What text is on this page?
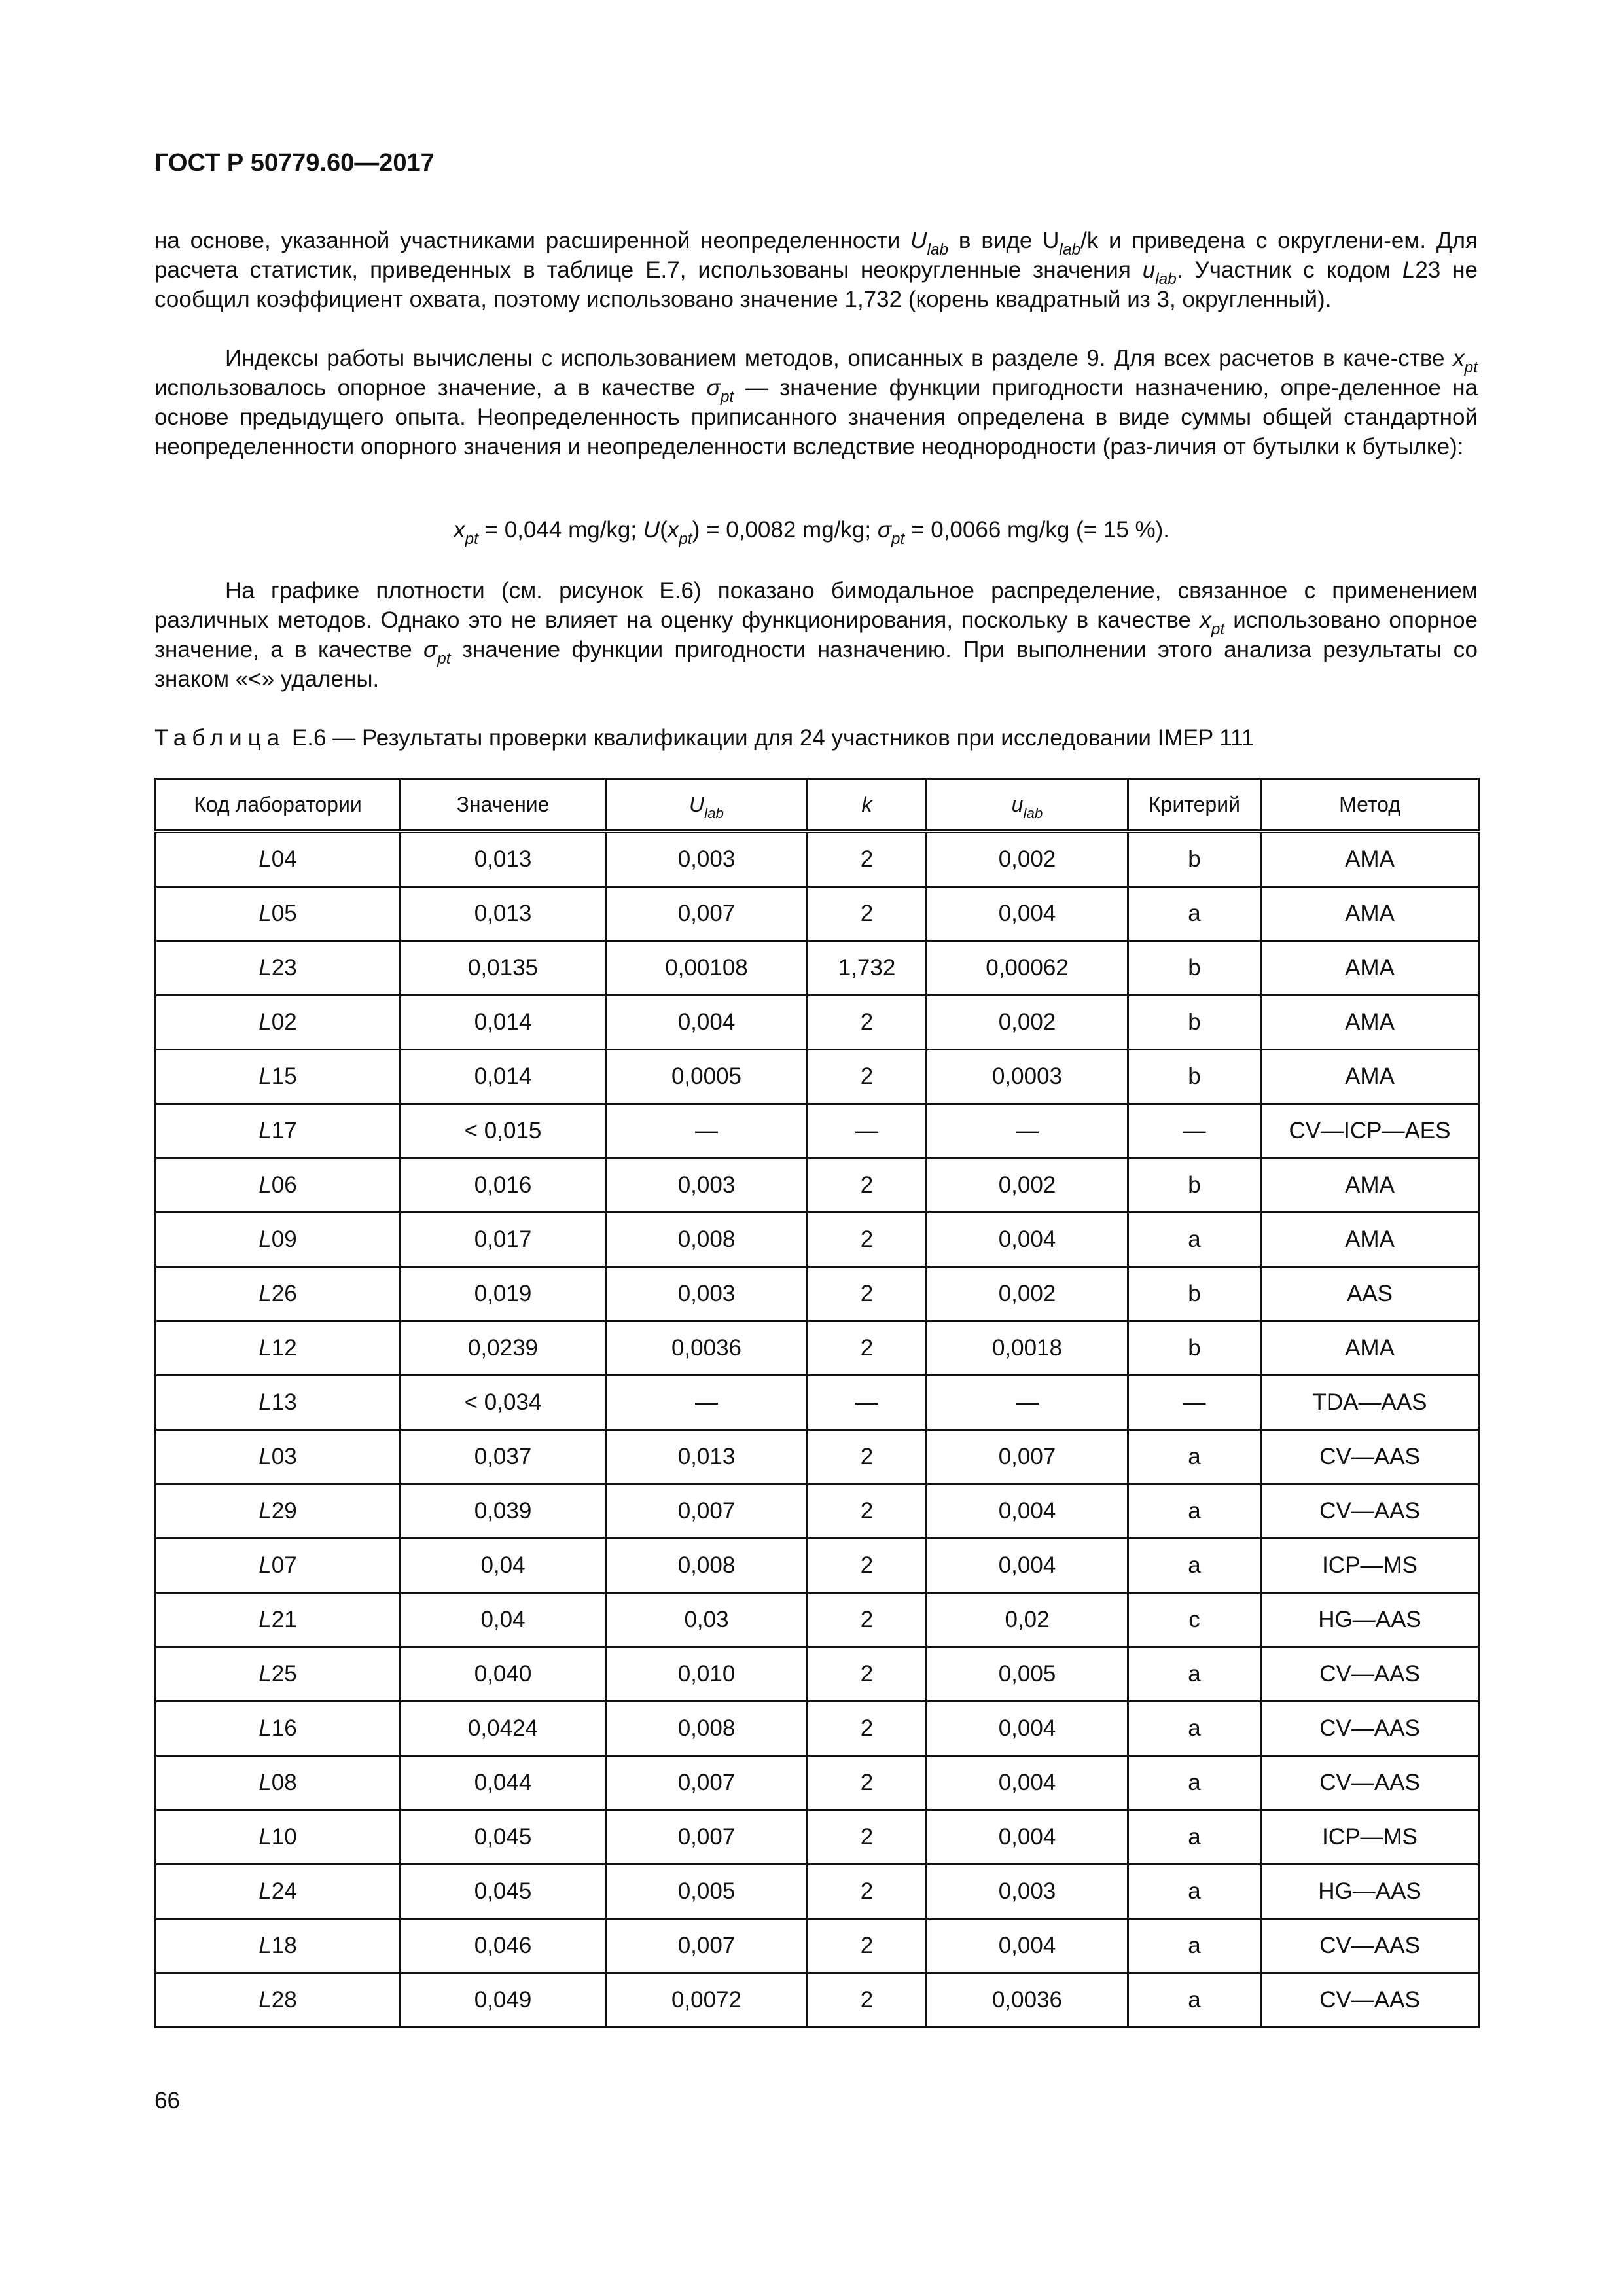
ГОСТ Р 50779.60—2017

на основе, указанной участниками расширенной неопределенности $U_{lab}$ в виде $U_{lab}/k$ и приведена с округлени-ем. Для расчета статистик, приведенных в таблице Е.7, использованы неокругленные значения $u_{lab}$. Участник с кодом L23 не сообщил коэффициент охвата, поэтому использовано значение 1,732 (корень квадратный из 3, округленный).

Индексы работы вычислены с использованием методов, описанных в разделе 9. Для всех расчетов в каче-стве $x_{pt}$ использовалось опорное значение, а в качестве $\sigma_{pt}$ — значение функции пригодности назначению, опре-деленное на основе предыдущего опыта. Неопределенность приписанного значения определена в виде суммы общей стандартной неопределенности опорного значения и неопределенности вследствие неоднородности (раз-личия от бутылки к бутылке):

$x_{pt} = 0,044$ mg/kg; $U(x_{pt}) = 0,0082$ mg/kg; $\sigma_{pt} = 0,0066$ mg/kg (= 15 %).

На графике плотности (см. рисунок Е.6) показано бимодальное распределение, связанное с применением различных методов. Однако это не влияет на оценку функционирования, поскольку в качестве $x_{pt}$ использовано опорное значение, а в качестве $\sigma_{pt}$ значение функции пригодности назначению. При выполнении этого анализа результаты со знаком «<» удалены.

Таблица Е.6 — Результаты проверки квалификации для 24 участников при исследовании IMEP 111
Код лаборатории	Значение	$U_{lab}$	k	$u_{lab}$	Критерий	Метод
L04	0,013	0,003	2	0,002	b	AMA
L05	0,013	0,007	2	0,004	a	AMA
L23	0,0135	0,00108	1,732	0,00062	b	AMA
L02	0,014	0,004	2	0,002	b	AMA
L15	0,014	0,0005	2	0,0003	b	AMA
L17	< 0,015	—	—	—	—	CV—ICP—AES
L06	0,016	0,003	2	0,002	b	AMA
L09	0,017	0,008	2	0,004	a	AMA
L26	0,019	0,003	2	0,002	b	AAS
L12	0,0239	0,0036	2	0,0018	b	AMA
L13	< 0,034	—	—	—	—	TDA—AAS
L03	0,037	0,013	2	0,007	a	CV—AAS
L29	0,039	0,007	2	0,004	a	CV—AAS
L07	0,04	0,008	2	0,004	a	ICP—MS
L21	0,04	0,03	2	0,02	c	HG—AAS
L25	0,040	0,010	2	0,005	a	CV—AAS
L16	0,0424	0,008	2	0,004	a	CV—AAS
L08	0,044	0,007	2	0,004	a	CV—AAS
L10	0,045	0,007	2	0,004	a	ICP—MS
L24	0,045	0,005	2	0,003	a	HG—AAS
L18	0,046	0,007	2	0,004	a	CV—AAS
L28	0,049	0,0072	2	0,0036	a	CV—AAS
66
